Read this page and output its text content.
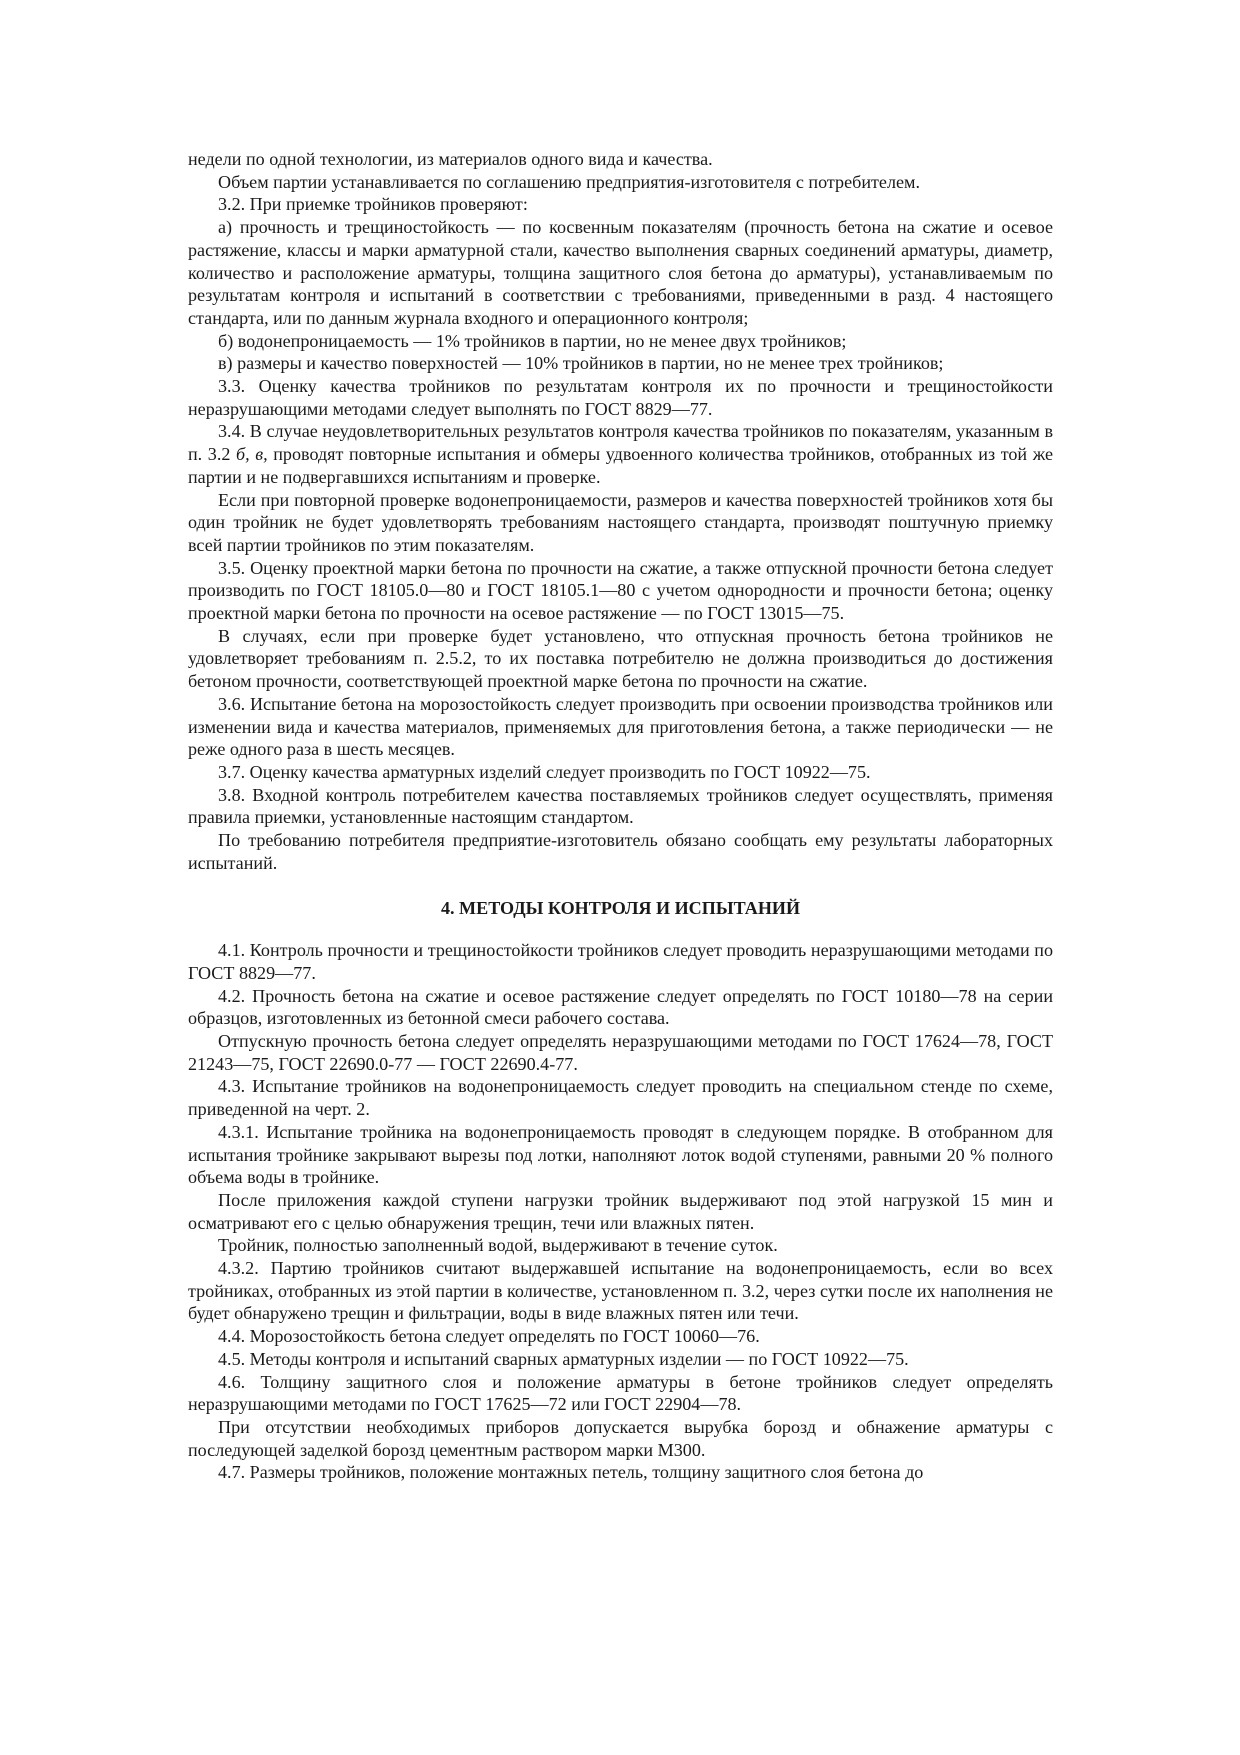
недели по одной технологии, из материалов одного вида и качества.

Объем партии устанавливается по соглашению предприятия-изготовителя с потребителем.

3.2. При приемке тройников проверяют:

а) прочность и трещиностойкость — по косвенным показателям (прочность бетона на сжатие и осевое растяжение, классы и марки арматурной стали, качество выполнения сварных соединений арматуры, диаметр, количество и расположение арматуры, толщина защитного слоя бетона до арматуры), устанавливаемым по результатам контроля и испытаний в соответствии с требованиями, приведенными в разд. 4 настоящего стандарта, или по данным журнала входного и операционного контроля;

б) водонепроницаемость — 1% тройников в партии, но не менее двух тройников;

в) размеры и качество поверхностей — 10% тройников в партии, но не менее трех тройников;

3.3. Оценку качества тройников по результатам контроля их по прочности и трещиностойкости неразрушающими методами следует выполнять по ГОСТ 8829—77.

3.4. В случае неудовлетворительных результатов контроля качества тройников по показателям, указанным в п. 3.2 б, в, проводят повторные испытания и обмеры удвоенного количества тройников, отобранных из той же партии и не подвергавшихся испытаниям и проверке.

Если при повторной проверке водонепроницаемости, размеров и качества поверхностей тройников хотя бы один тройник не будет удовлетворять требованиям настоящего стандарта, производят поштучную приемку всей партии тройников по этим показателям.

3.5. Оценку проектной марки бетона по прочности на сжатие, а также отпускной прочности бетона следует производить по ГОСТ 18105.0—80 и ГОСТ 18105.1—80 с учетом однородности и прочности бетона; оценку проектной марки бетона по прочности на осевое растяжение — по ГОСТ 13015—75.

В случаях, если при проверке будет установлено, что отпускная прочность бетона тройников не удовлетворяет требованиям п. 2.5.2, то их поставка потребителю не должна производиться до достижения бетоном прочности, соответствующей проектной марке бетона по прочности на сжатие.

3.6. Испытание бетона на морозостойкость следует производить при освоении производства тройников или изменении вида и качества материалов, применяемых для приготовления бетона, а также периодически — не реже одного раза в шесть месяцев.

3.7. Оценку качества арматурных изделий следует производить по ГОСТ 10922—75.

3.8. Входной контроль потребителем качества поставляемых тройников следует осуществлять, применяя правила приемки, установленные настоящим стандартом.

По требованию потребителя предприятие-изготовитель обязано сообщать ему результаты лабораторных испытаний.

4. МЕТОДЫ КОНТРОЛЯ И ИСПЫТАНИЙ

4.1. Контроль прочности и трещиностойкости тройников следует проводить неразрушающими методами по ГОСТ 8829—77.

4.2. Прочность бетона на сжатие и осевое растяжение следует определять по ГОСТ 10180—78 на серии образцов, изготовленных из бетонной смеси рабочего состава.

Отпускную прочность бетона следует определять неразрушающими методами по ГОСТ 17624—78, ГОСТ 21243—75, ГОСТ 22690.0-77 — ГОСТ 22690.4-77.

4.3. Испытание тройников на водонепроницаемость следует проводить на специальном стенде по схеме, приведенной на черт. 2.

4.3.1. Испытание тройника на водонепроницаемость проводят в следующем порядке. В отобранном для испытания тройнике закрывают вырезы под лотки, наполняют лоток водой ступенями, равными 20 % полного объема воды в тройнике.

После приложения каждой ступени нагрузки тройник выдерживают под этой нагрузкой 15 мин и осматривают его с целью обнаружения трещин, течи или влажных пятен.

Тройник, полностью заполненный водой, выдерживают в течение суток.

4.3.2. Партию тройников считают выдержавшей испытание на водонепроницаемость, если во всех тройниках, отобранных из этой партии в количестве, установленном п. 3.2, через сутки после их наполнения не будет обнаружено трещин и фильтрации, воды в виде влажных пятен или течи.

4.4. Морозостойкость бетона следует определять по ГОСТ 10060—76.

4.5. Методы контроля и испытаний сварных арматурных изделии — по ГОСТ 10922—75.

4.6. Толщину защитного слоя и положение арматуры в бетоне тройников следует определять неразрушающими методами по ГОСТ 17625—72 или ГОСТ 22904—78.

При отсутствии необходимых приборов допускается вырубка борозд и обнажение арматуры с последующей заделкой борозд цементным раствором марки М300.

4.7. Размеры тройников, положение монтажных петель, толщину защитного слоя бетона до
